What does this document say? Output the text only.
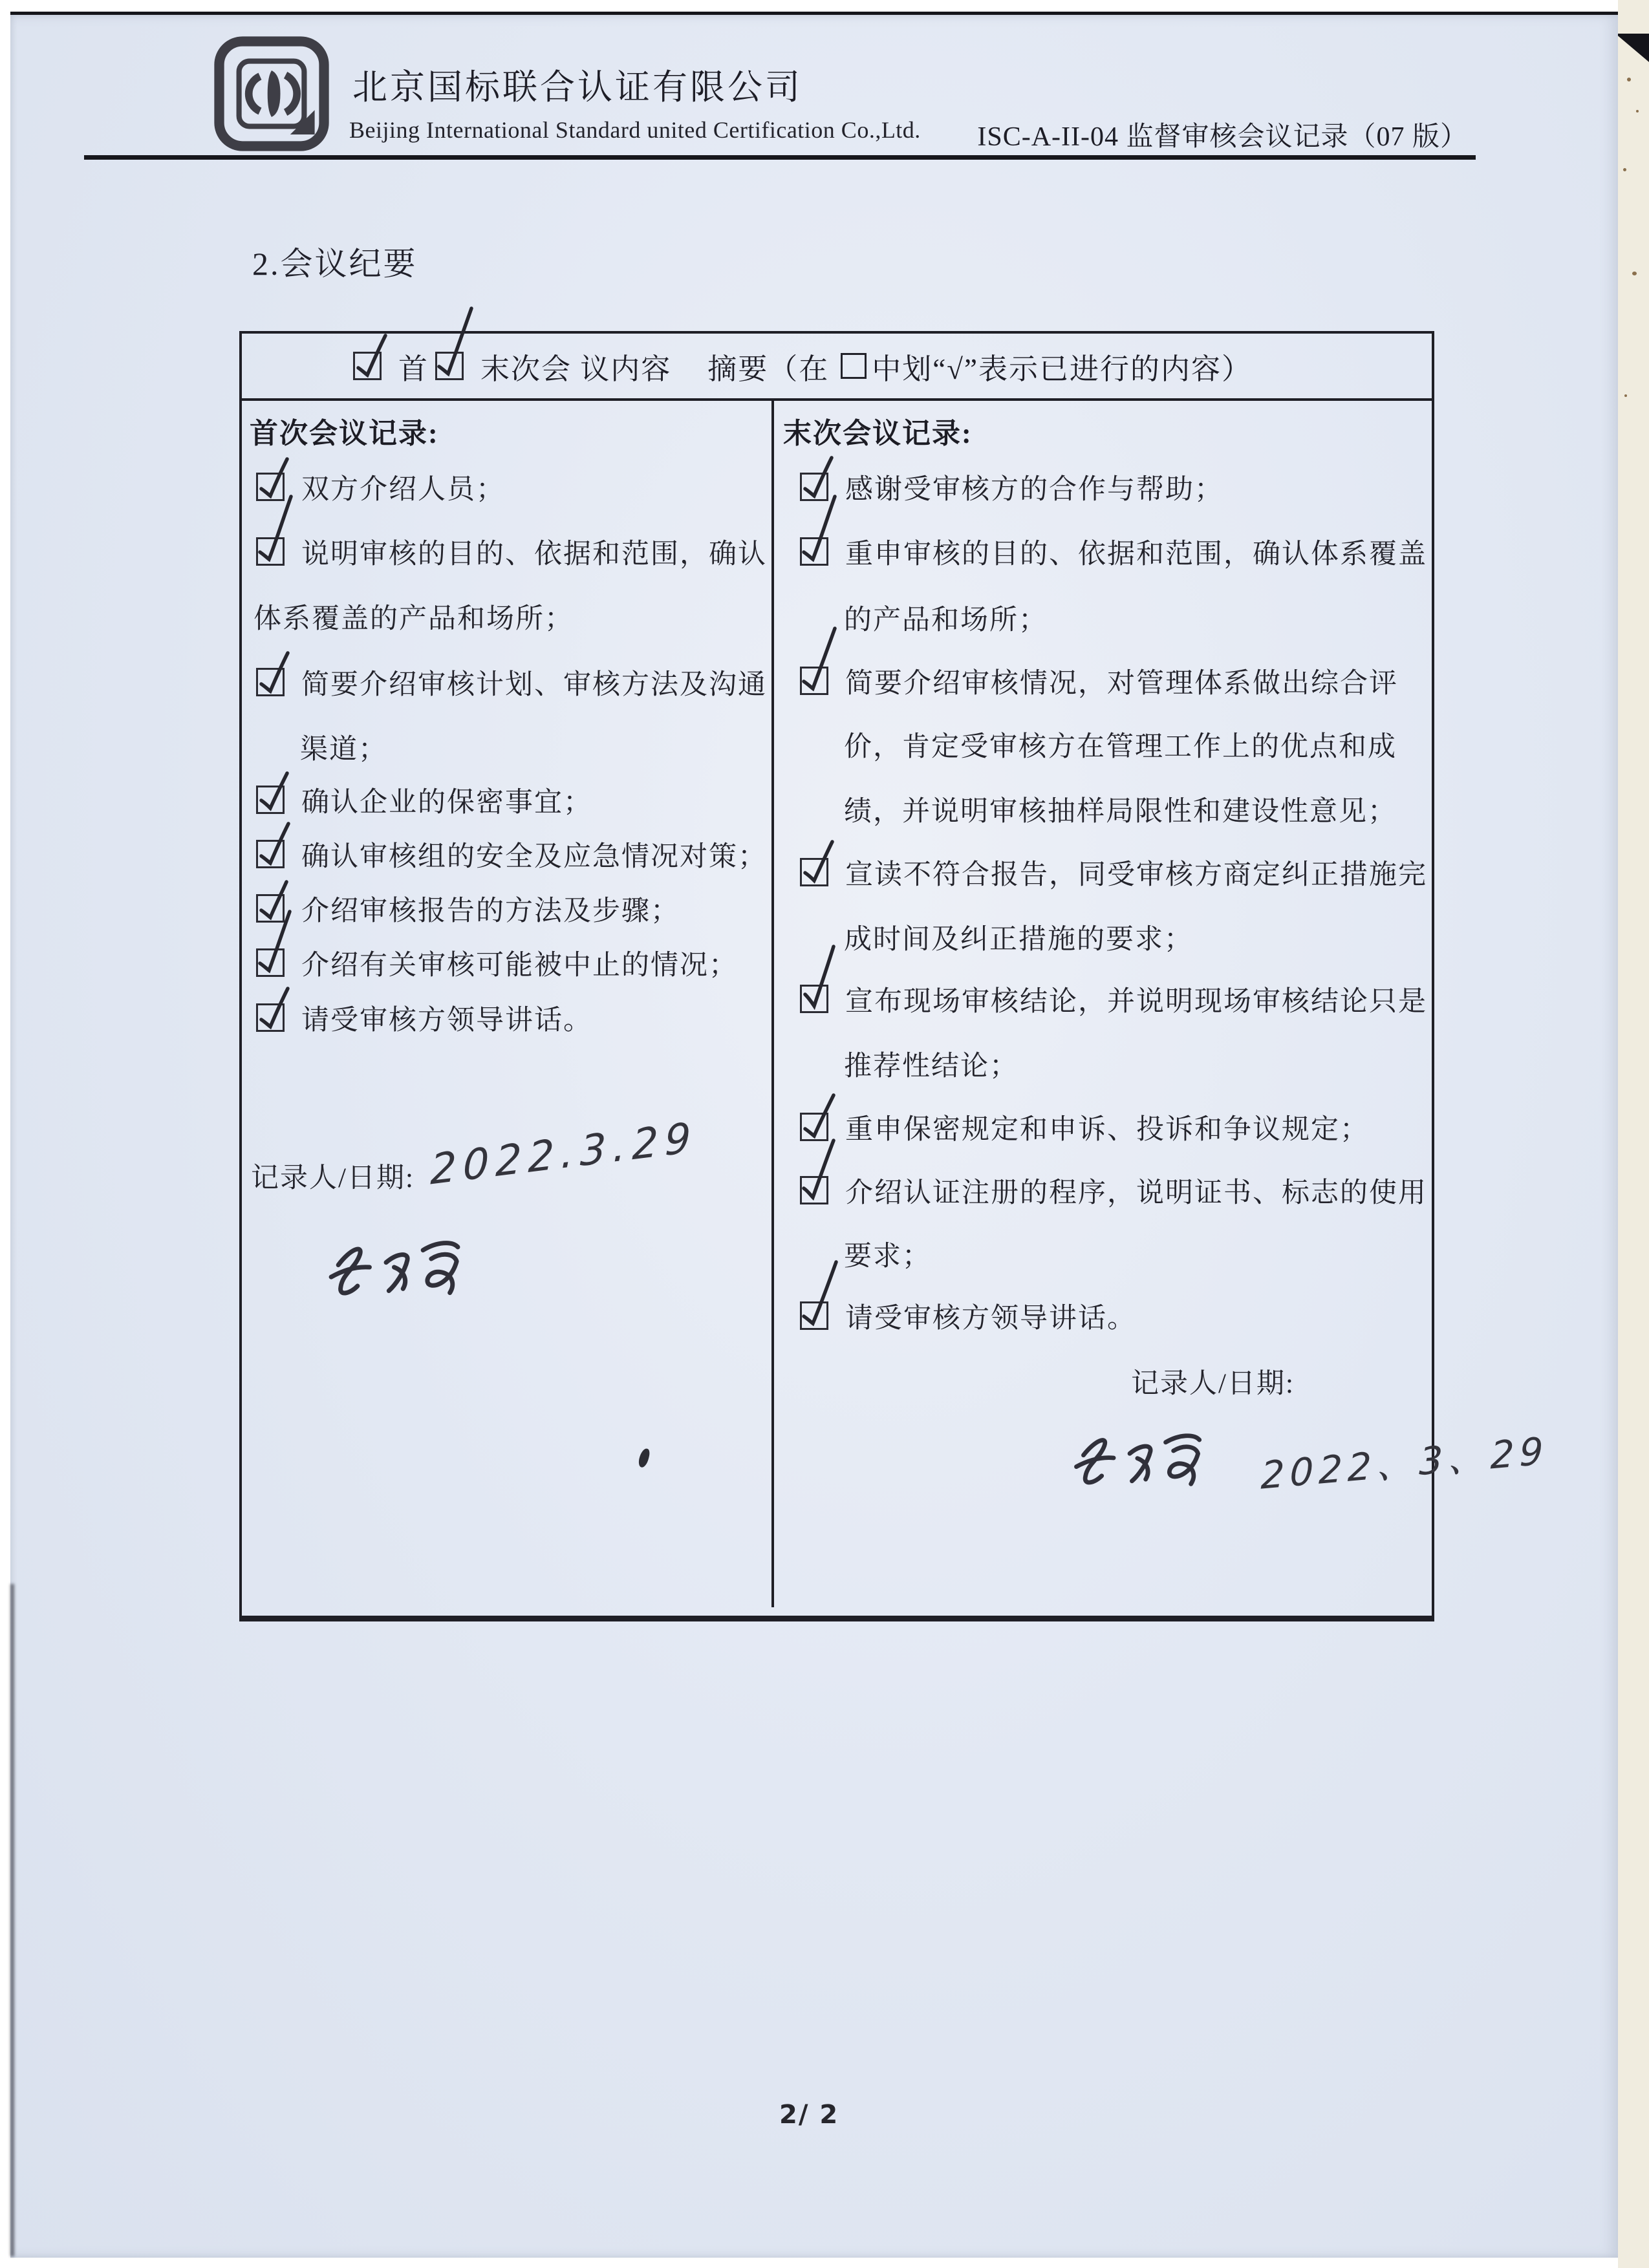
北京国标联合认证有限公司
Beijing International Standard united Certification Co.,Ltd.	ISC-A-II-04 监督审核会议记录（07 版）
2.会议纪要
首 末次会 议内容 摘要（在 中划“√”表示已进行的内容）
首次会议记录:
双方介绍人员；
说明审核的目的、依据和范围，确认
体系覆盖的产品和场所；
简要介绍审核计划、审核方法及沟通
渠道；
确认企业的保密事宜；
确认审核组的安全及应急情况对策；
介绍审核报告的方法及步骤；
介绍有关审核可能被中止的情况；
请受审核方领导讲话。
记录人/日期: 2022.3.29
末次会议记录:
感谢受审核方的合作与帮助；
重申审核的目的、依据和范围，确认体系覆盖
的产品和场所；
简要介绍审核情况，对管理体系做出综合评
价，肯定受审核方在管理工作上的优点和成
绩，并说明审核抽样局限性和建设性意见；
宣读不符合报告，同受审核方商定纠正措施完
成时间及纠正措施的要求；
宣布现场审核结论，并说明现场审核结论只是
推荐性结论；
重申保密规定和申诉、投诉和争议规定；
介绍认证注册的程序，说明证书、标志的使用
要求；
请受审核方领导讲话。
记录人/日期:
2022、3、29
2/ 2
